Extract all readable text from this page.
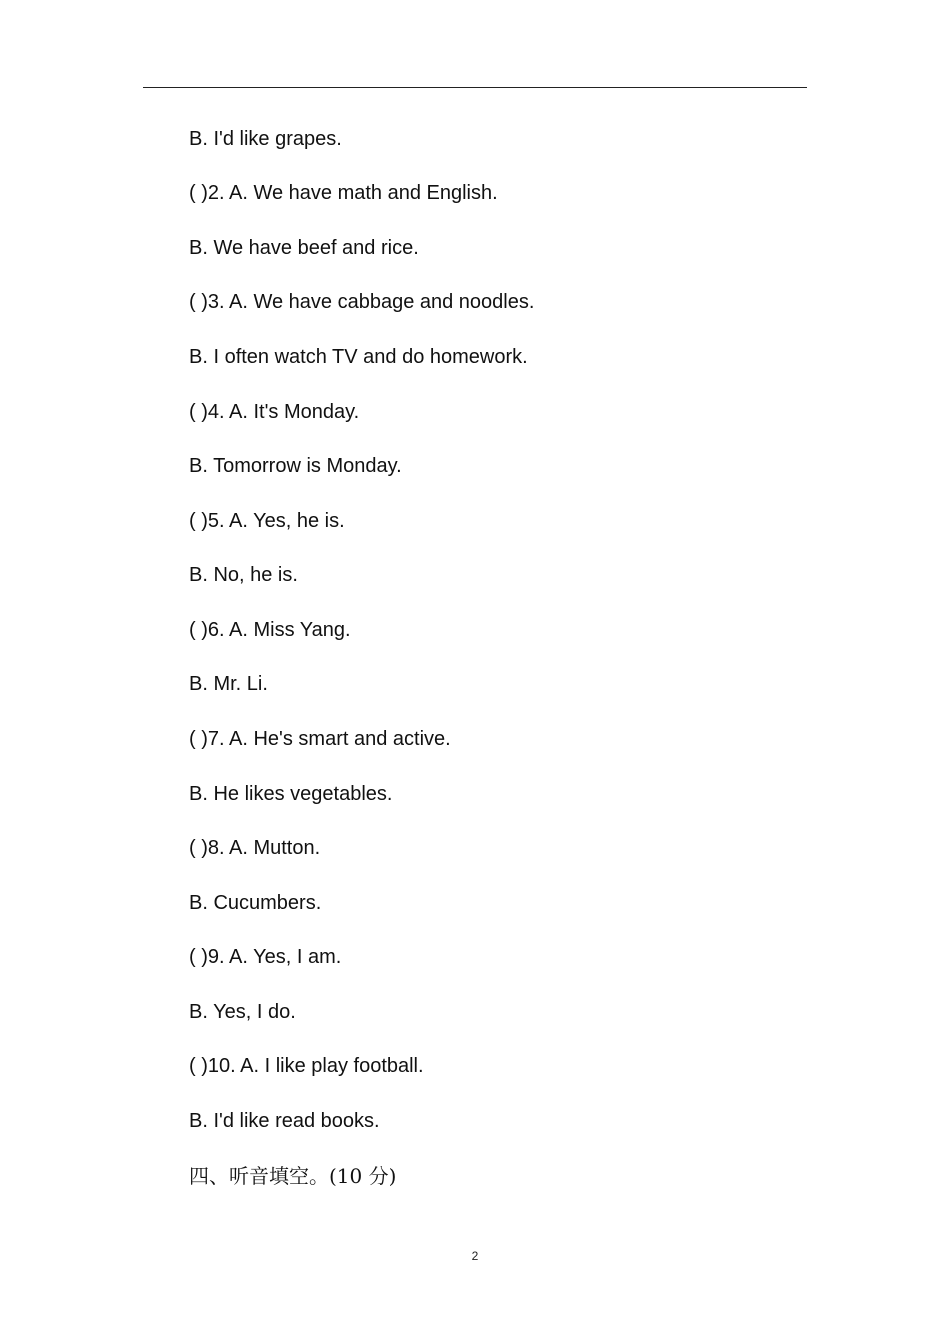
B. I'd like grapes.
( )2. A. We have math and English.
B. We have beef and rice.
( )3. A. We have cabbage and noodles.
B. I often watch TV and do homework.
( )4. A. It's Monday.
B. Tomorrow is Monday.
( )5. A. Yes, he is.
B. No, he is.
( )6. A. Miss Yang.
B. Mr. Li.
( )7. A. He's smart and active.
B. He likes vegetables.
( )8. A. Mutton.
B. Cucumbers.
( )9. A. Yes, I am.
B. Yes, I do.
( )10. A. I like play football.
B. I'd like read books.
四、听音填空。(10 分)
2
